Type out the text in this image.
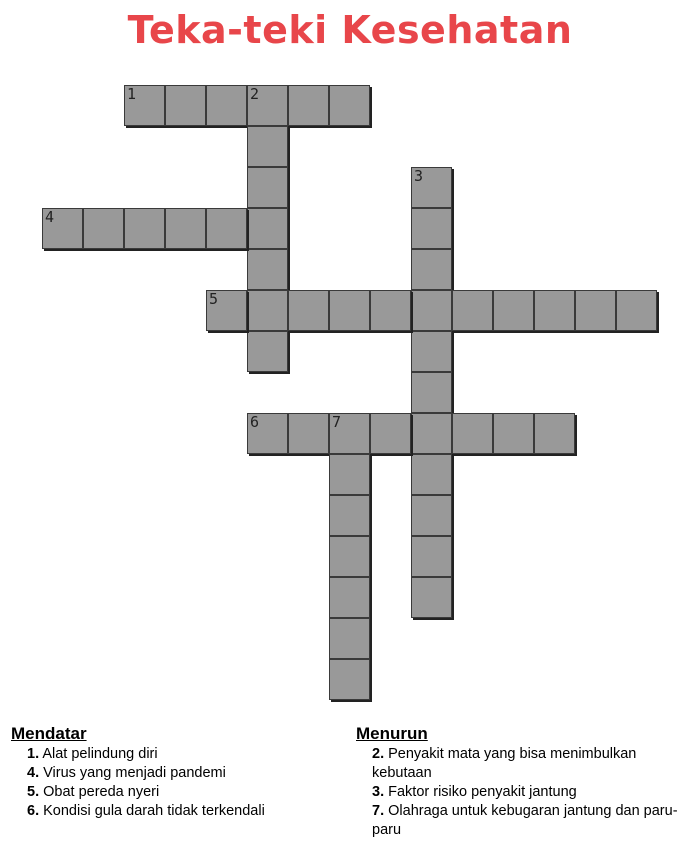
Teka-teki Kesehatan
1	2
3
4
5
6	7
Mendatar
1. Alat pelindung diri
4. Virus yang menjadi pandemi
5. Obat pereda nyeri
6. Kondisi gula darah tidak terkendali
Menurun
2. Penyakit mata yang bisa menimbulkan kebutaan
3. Faktor risiko penyakit jantung
7. Olahraga untuk kebugaran jantung dan paru-paru
